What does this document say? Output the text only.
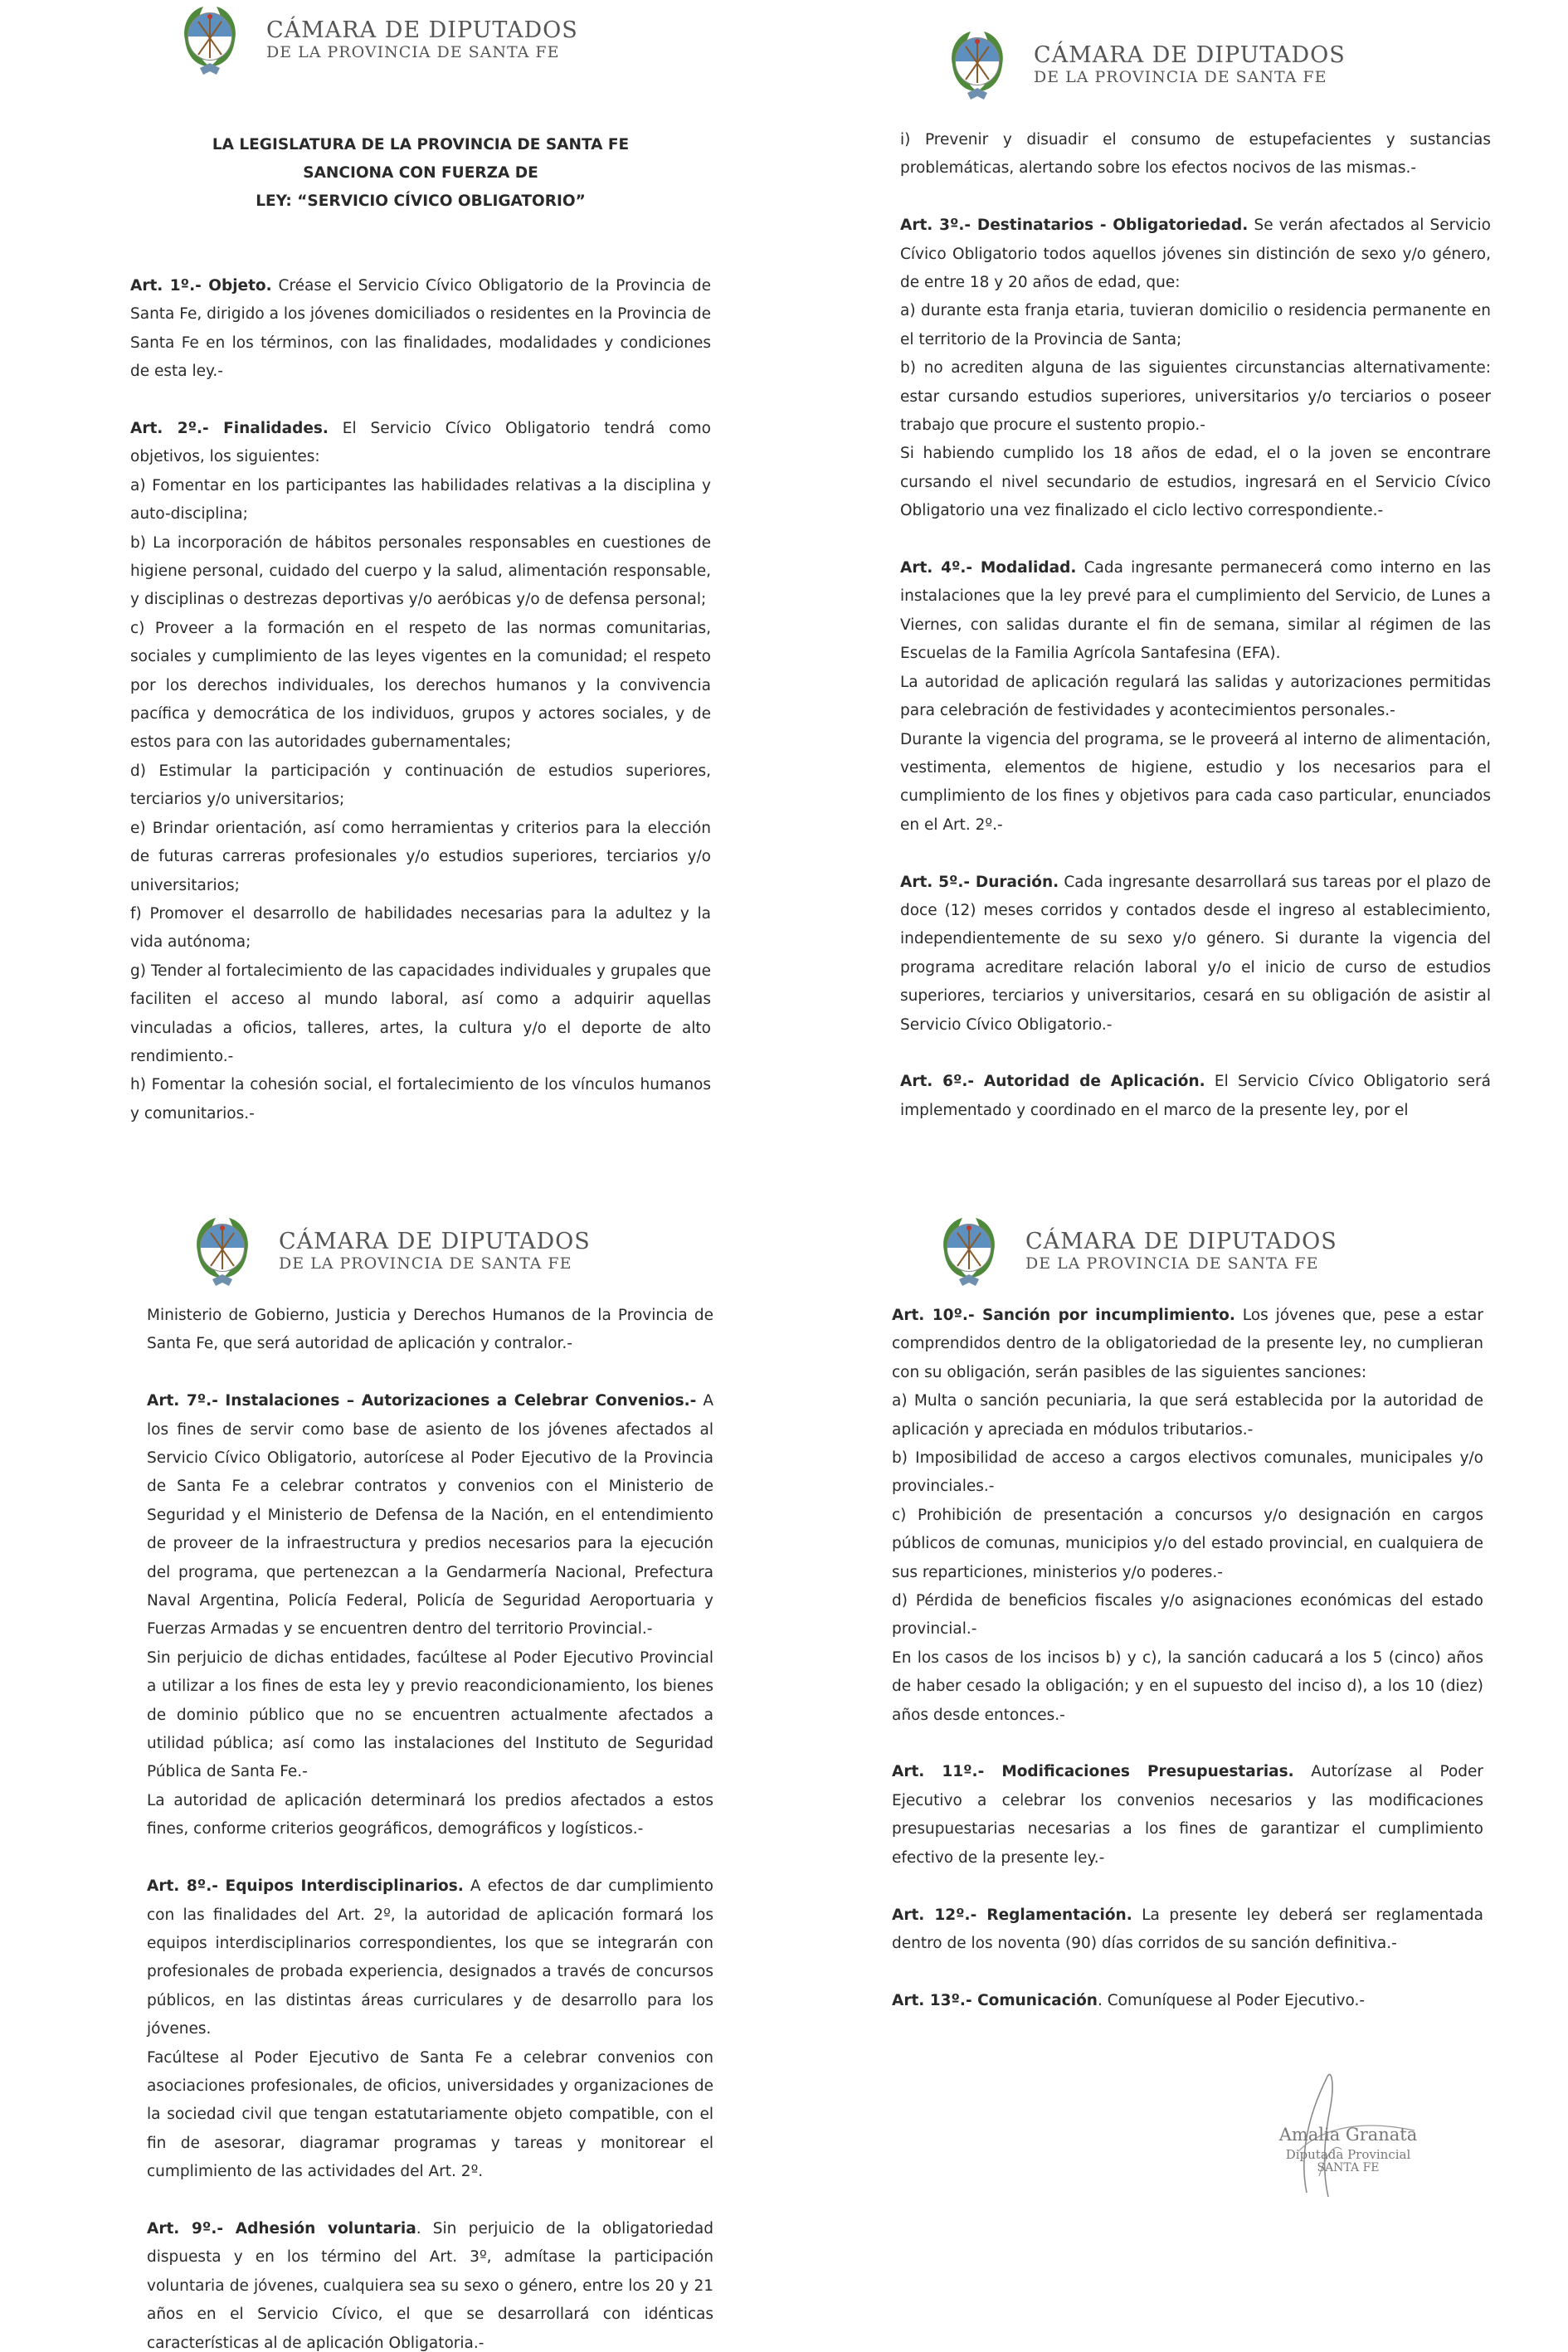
CÁMARA DE DIPUTADOS
DE LA PROVINCIA DE SANTA FE
LA LEGISLATURA DE LA PROVINCIA DE SANTA FE
SANCIONA CON FUERZA DE
LEY: “SERVICIO CÍVICO OBLIGATORIO”

Art. 1º.- Objeto. Créase el Servicio Cívico Obligatorio de la Provincia de Santa Fe, dirigido a los jóvenes domiciliados o residentes en la Provincia de Santa Fe en los términos, con las finalidades, modalidades y condiciones de esta ley.-

Art. 2º.- Finalidades. El Servicio Cívico Obligatorio tendrá como objetivos, los siguientes:

a) Fomentar en los participantes las habilidades relativas a la disciplina y auto-disciplina;

b) La incorporación de hábitos personales responsables en cuestiones de higiene personal, cuidado del cuerpo y la salud, alimentación responsable, y disciplinas o destrezas deportivas y/o aeróbicas y/o de defensa personal;

c) Proveer a la formación en el respeto de las normas comunitarias, sociales y cumplimiento de las leyes vigentes en la comunidad; el respeto por los derechos individuales, los derechos humanos y la convivencia pacífica y democrática de los individuos, grupos y actores sociales, y de estos para con las autoridades gubernamentales;

d) Estimular la participación y continuación de estudios superiores, terciarios y/o universitarios;

e) Brindar orientación, así como herramientas y criterios para la elección de futuras carreras profesionales y/o estudios superiores, terciarios y/o universitarios;

f) Promover el desarrollo de habilidades necesarias para la adultez y la vida autónoma;

g) Tender al fortalecimiento de las capacidades individuales y grupales que faciliten el acceso al mundo laboral, así como a adquirir aquellas vinculadas a oficios, talleres, artes, la cultura y/o el deporte de alto rendimiento.-

h) Fomentar la cohesión social, el fortalecimiento de los vínculos humanos y comunitarios.-

CÁMARA DE DIPUTADOS
DE LA PROVINCIA DE SANTA FE

i) Prevenir y disuadir el consumo de estupefacientes y sustancias problemáticas, alertando sobre los efectos nocivos de las mismas.-

Art. 3º.- Destinatarios - Obligatoriedad. Se verán afectados al Servicio Cívico Obligatorio todos aquellos jóvenes sin distinción de sexo y/o género, de entre 18 y 20 años de edad, que:

a) durante esta franja etaria, tuvieran domicilio o residencia permanente en el territorio de la Provincia de Santa;

b) no acrediten alguna de las siguientes circunstancias alternativamente: estar cursando estudios superiores, universitarios y/o terciarios o poseer trabajo que procure el sustento propio.-

Si habiendo cumplido los 18 años de edad, el o la joven se encontrare cursando el nivel secundario de estudios, ingresará en el Servicio Cívico Obligatorio una vez finalizado el ciclo lectivo correspondiente.-

Art. 4º.- Modalidad. Cada ingresante permanecerá como interno en las instalaciones que la ley prevé para el cumplimiento del Servicio, de Lunes a Viernes, con salidas durante el fin de semana, similar al régimen de las Escuelas de la Familia Agrícola Santafesina (EFA).

La autoridad de aplicación regulará las salidas y autorizaciones permitidas para celebración de festividades y acontecimientos personales.-

Durante la vigencia del programa, se le proveerá al interno de alimentación, vestimenta, elementos de higiene, estudio y los necesarios para el cumplimiento de los fines y objetivos para cada caso particular, enunciados en el Art. 2º.-

Art. 5º.- Duración. Cada ingresante desarrollará sus tareas por el plazo de doce (12) meses corridos y contados desde el ingreso al establecimiento, independientemente de su sexo y/o género. Si durante la vigencia del programa acreditare relación laboral y/o el inicio de curso de estudios superiores, terciarios y universitarios, cesará en su obligación de asistir al Servicio Cívico Obligatorio.-

Art. 6º.- Autoridad de Aplicación. El Servicio Cívico Obligatorio será implementado y coordinado en el marco de la presente ley, por el

CÁMARA DE DIPUTADOS
DE LA PROVINCIA DE SANTA FE

Ministerio de Gobierno, Justicia y Derechos Humanos de la Provincia de Santa Fe, que será autoridad de aplicación y contralor.-

Art. 7º.- Instalaciones – Autorizaciones a Celebrar Convenios.- A los fines de servir como base de asiento de los jóvenes afectados al Servicio Cívico Obligatorio, autorícese al Poder Ejecutivo de la Provincia de Santa Fe a celebrar contratos y convenios con el Ministerio de Seguridad y el Ministerio de Defensa de la Nación, en el entendimiento de proveer de la infraestructura y predios necesarios para la ejecución del programa, que pertenezcan a la Gendarmería Nacional, Prefectura Naval Argentina, Policía Federal, Policía de Seguridad Aeroportuaria y Fuerzas Armadas y se encuentren dentro del territorio Provincial.-

Sin perjuicio de dichas entidades, facúltese al Poder Ejecutivo Provincial a utilizar a los fines de esta ley y previo reacondicionamiento, los bienes de dominio público que no se encuentren actualmente afectados a utilidad pública; así como las instalaciones del Instituto de Seguridad Pública de Santa Fe.-

La autoridad de aplicación determinará los predios afectados a estos fines, conforme criterios geográficos, demográficos y logísticos.-

Art. 8º.- Equipos Interdisciplinarios. A efectos de dar cumplimiento con las finalidades del Art. 2º, la autoridad de aplicación formará los equipos interdisciplinarios correspondientes, los que se integrarán con profesionales de probada experiencia, designados a través de concursos públicos, en las distintas áreas curriculares y de desarrollo para los jóvenes.

Facúltese al Poder Ejecutivo de Santa Fe a celebrar convenios con asociaciones profesionales, de oficios, universidades y organizaciones de la sociedad civil que tengan estatutariamente objeto compatible, con el fin de asesorar, diagramar programas y tareas y monitorear el cumplimiento de las actividades del Art. 2º.

Art. 9º.- Adhesión voluntaria. Sin perjuicio de la obligatoriedad dispuesta y en los término del Art. 3º, admítase la participación voluntaria de jóvenes, cualquiera sea su sexo o género, entre los 20 y 21 años en el Servicio Cívico, el que se desarrollará con idénticas características al de aplicación Obligatoria.-

CÁMARA DE DIPUTADOS
DE LA PROVINCIA DE SANTA FE

Art. 10º.- Sanción por incumplimiento. Los jóvenes que, pese a estar comprendidos dentro de la obligatoriedad de la presente ley, no cumplieran con su obligación, serán pasibles de las siguientes sanciones:

a) Multa o sanción pecuniaria, la que será establecida por la autoridad de aplicación y apreciada en módulos tributarios.-

b) Imposibilidad de acceso a cargos electivos comunales, municipales y/o provinciales.-

c) Prohibición de presentación a concursos y/o designación en cargos públicos de comunas, municipios y/o del estado provincial, en cualquiera de sus reparticiones, ministerios y/o poderes.-

d) Pérdida de beneficios fiscales y/o asignaciones económicas del estado provincial.-

En los casos de los incisos b) y c), la sanción caducará a los 5 (cinco) años de haber cesado la obligación; y en el supuesto del inciso d), a los 10 (diez) años desde entonces.-

Art. 11º.- Modificaciones Presupuestarias. Autorízase al Poder Ejecutivo a celebrar los convenios necesarios y las modificaciones presupuestarias necesarias a los fines de garantizar el cumplimiento efectivo de la presente ley.-

Art. 12º.- Reglamentación. La presente ley deberá ser reglamentada dentro de los noventa (90) días corridos de su sanción definitiva.-

Art. 13º.- Comunicación. Comuníquese al Poder Ejecutivo.-

Amalia Granata
Diputada Provincial
SANTA FE
